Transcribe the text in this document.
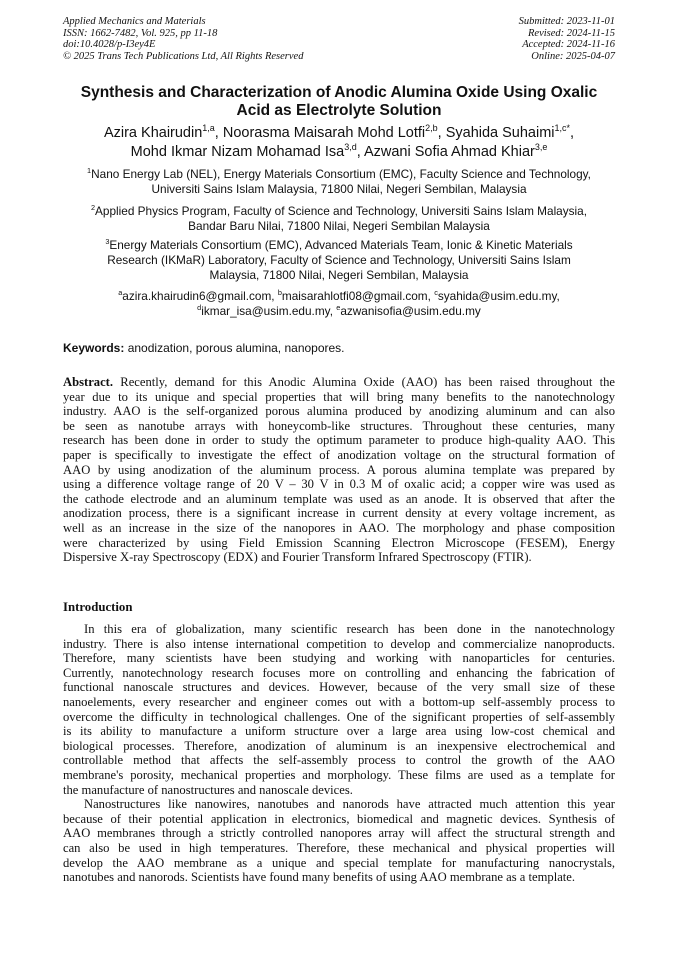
Applied Mechanics and Materials
ISSN: 1662-7482, Vol. 925, pp 11-18
doi:10.4028/p-I3ey4E
© 2025 Trans Tech Publications Ltd, All Rights Reserved
Submitted: 2023-11-01
Revised: 2024-11-15
Accepted: 2024-11-16
Online: 2025-04-07
Synthesis and Characterization of Anodic Alumina Oxide Using Oxalic
Acid as Electrolyte Solution
Azira Khairudin$^{1,a}$, Noorasma Maisarah Mohd Lotfi$^{2,b}$, Syahida Suhaimi$^{1,c*}$,
Mohd Ikmar Nizam Mohamad Isa$^{3,d}$, Azwani Sofia Ahmad Khiar$^{3,e}$
$^1$Nano Energy Lab (NEL), Energy Materials Consortium (EMC), Faculty Science and Technology,
Universiti Sains Islam Malaysia, 71800 Nilai, Negeri Sembilan, Malaysia
$^2$Applied Physics Program, Faculty of Science and Technology, Universiti Sains Islam Malaysia,
Bandar Baru Nilai, 71800 Nilai, Negeri Sembilan Malaysia
$^3$Energy Materials Consortium (EMC), Advanced Materials Team, Ionic & Kinetic Materials
Research (IKMaR) Laboratory, Faculty of Science and Technology, Universiti Sains Islam
Malaysia, 71800 Nilai, Negeri Sembilan, Malaysia
$^a$azira.khairudin6@gmail.com, $^b$maisarahlotfi08@gmail.com, $^c$syahida@usim.edu.my,
$^d$ikmar_isa@usim.edu.my, $^e$azwanisofia@usim.edu.my
Keywords: anodization, porous alumina, nanopores.
Abstract. Recently, demand for this Anodic Alumina Oxide (AAO) has been raised throughout the
year due to its unique and special properties that will bring many benefits to the nanotechnology
industry. AAO is the self-organized porous alumina produced by anodizing aluminum and can also
be seen as nanotube arrays with honeycomb-like structures. Throughout these centuries, many
research has been done in order to study the optimum parameter to produce high-quality AAO. This
paper is specifically to investigate the effect of anodization voltage on the structural formation of
AAO by using anodization of the aluminum process. A porous alumina template was prepared by
using a difference voltage range of 20 V – 30 V in 0.3 M of oxalic acid; a copper wire was used as
the cathode electrode and an aluminum template was used as an anode. It is observed that after the
anodization process, there is a significant increase in current density at every voltage increment, as
well as an increase in the size of the nanopores in AAO. The morphology and phase composition
were characterized by using Field Emission Scanning Electron Microscope (FESEM), Energy
Dispersive X-ray Spectroscopy (EDX) and Fourier Transform Infrared Spectroscopy (FTIR).
Introduction
In this era of globalization, many scientific research has been done in the nanotechnology
industry. There is also intense international competition to develop and commercialize nanoproducts.
Therefore, many scientists have been studying and working with nanoparticles for centuries.
Currently, nanotechnology research focuses more on controlling and enhancing the fabrication of
functional nanoscale structures and devices. However, because of the very small size of these
nanoelements, every researcher and engineer comes out with a bottom-up self-assembly process to
overcome the difficulty in technological challenges. One of the significant properties of self-assembly
is its ability to manufacture a uniform structure over a large area using low-cost chemical and
biological processes. Therefore, anodization of aluminum is an inexpensive electrochemical and
controllable method that affects the self-assembly process to control the growth of the AAO
membrane's porosity, mechanical properties and morphology. These films are used as a template for
the manufacture of nanostructures and nanoscale devices.
Nanostructures like nanowires, nanotubes and nanorods have attracted much attention this year
because of their potential application in electronics, biomedical and magnetic devices. Synthesis of
AAO membranes through a strictly controlled nanopores array will affect the structural strength and
can also be used in high temperatures. Therefore, these mechanical and physical properties will
develop the AAO membrane as a unique and special template for manufacturing nanocrystals,
nanotubes and nanorods. Scientists have found many benefits of using AAO membrane as a template.
